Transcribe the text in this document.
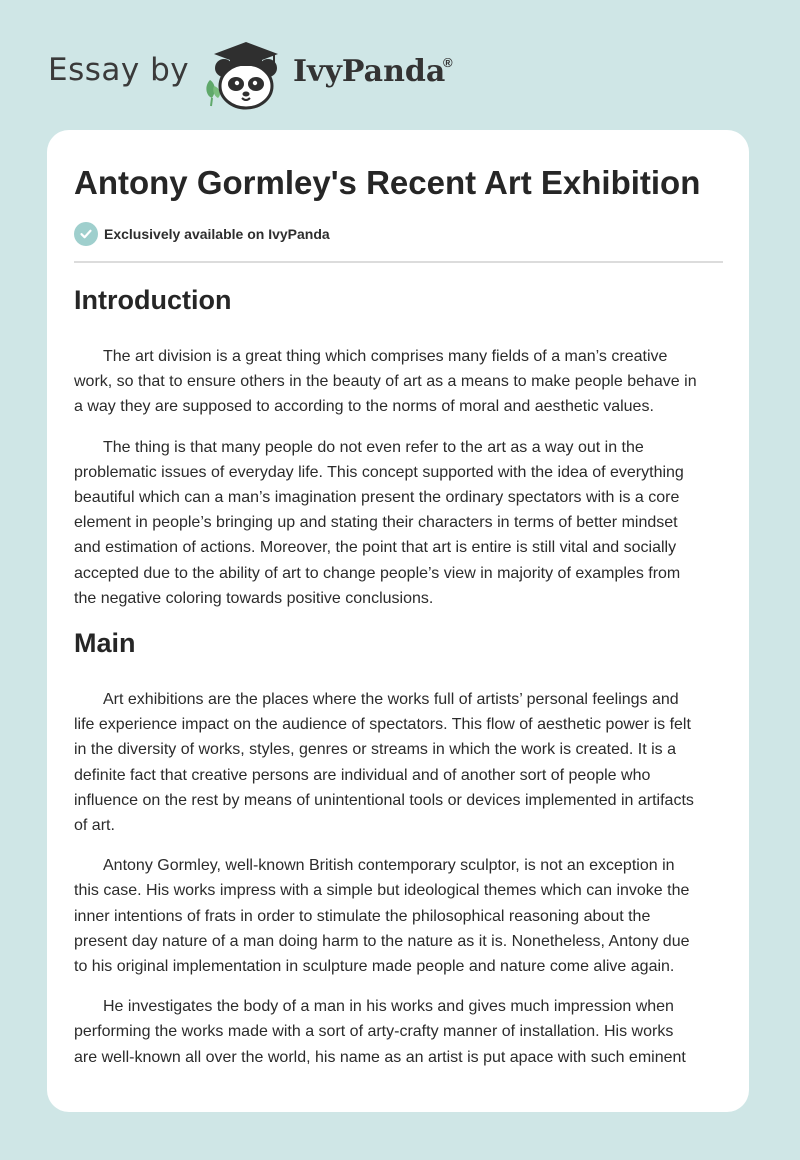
Essay by	IvyPanda
®
Antony Gormley's Recent Art Exhibition
Exclusively available on IvyPanda
Introduction

The art division is a great thing which comprises many fields of a man’s creative
work, so that to ensure others in the beauty of art as a means to make people behave in
a way they are supposed to according to the norms of moral and aesthetic values.

The thing is that many people do not even refer to the art as a way out in the
problematic issues of everyday life. This concept supported with the idea of everything
beautiful which can a man’s imagination present the ordinary spectators with is a core
element in people’s bringing up and stating their characters in terms of better mindset
and estimation of actions. Moreover, the point that art is entire is still vital and socially
accepted due to the ability of art to change people’s view in majority of examples from
the negative coloring towards positive conclusions.

Main

Art exhibitions are the places where the works full of artists’ personal feelings and
life experience impact on the audience of spectators. This flow of aesthetic power is felt
in the diversity of works, styles, genres or streams in which the work is created. It is a
definite fact that creative persons are individual and of another sort of people who
influence on the rest by means of unintentional tools or devices implemented in artifacts
of art.

Antony Gormley, well-known British contemporary sculptor, is not an exception in
this case. His works impress with a simple but ideological themes which can invoke the
inner intentions of frats in order to stimulate the philosophical reasoning about the
present day nature of a man doing harm to the nature as it is. Nonetheless, Antony due
to his original implementation in sculpture made people and nature come alive again.

He investigates the body of a man in his works and gives much impression when
performing the works made with a sort of arty-crafty manner of installation. His works
are well-known all over the world, his name as an artist is put apace with such eminent
